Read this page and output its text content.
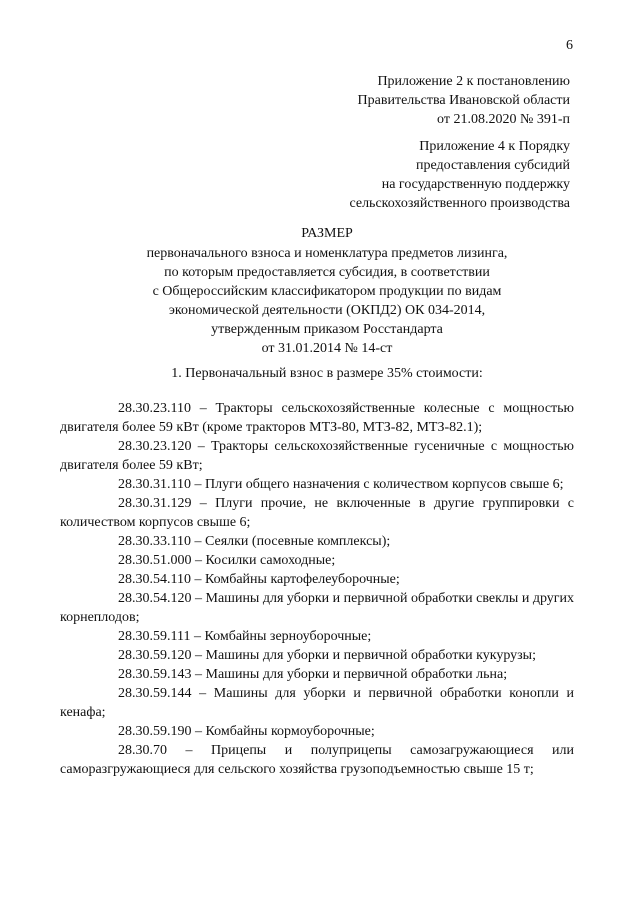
6
Приложение 2 к постановлению
Правительства Ивановской области
от 21.08.2020 № 391-п
Приложение 4 к Порядку
предоставления субсидий
на государственную поддержку
сельскохозяйственного производства
РАЗМЕР
первоначального взноса и номенклатура предметов лизинга,
по которым предоставляется субсидия, в соответствии
с Общероссийским классификатором продукции по видам
экономической деятельности (ОКПД2) ОК 034-2014,
утвержденным приказом Росстандарта
от 31.01.2014 № 14-ст
1. Первоначальный взнос в размере 35% стоимости:
28.30.23.110 – Тракторы сельскохозяйственные колесные с мощностью двигателя более 59 кВт (кроме тракторов МТЗ-80, МТЗ-82, МТЗ-82.1);
28.30.23.120 – Тракторы сельскохозяйственные гусеничные с мощностью двигателя более 59 кВт;
28.30.31.110 – Плуги общего назначения с количеством корпусов свыше 6;
28.30.31.129 – Плуги прочие, не включенные в другие группировки с количеством корпусов свыше 6;
28.30.33.110 – Сеялки (посевные комплексы);
28.30.51.000 – Косилки самоходные;
28.30.54.110 – Комбайны картофелеуборочные;
28.30.54.120 – Машины для уборки и первичной обработки свеклы и других корнеплодов;
28.30.59.111 – Комбайны зерноуборочные;
28.30.59.120 – Машины для уборки и первичной обработки кукурузы;
28.30.59.143 – Машины для уборки и первичной обработки льна;
28.30.59.144 – Машины для уборки и первичной обработки конопли и кенафа;
28.30.59.190 – Комбайны кормоуборочные;
28.30.70 – Прицепы и полуприцепы самозагружающиеся или саморазгружающиеся для сельского хозяйства грузоподъемностью свыше 15 т;
